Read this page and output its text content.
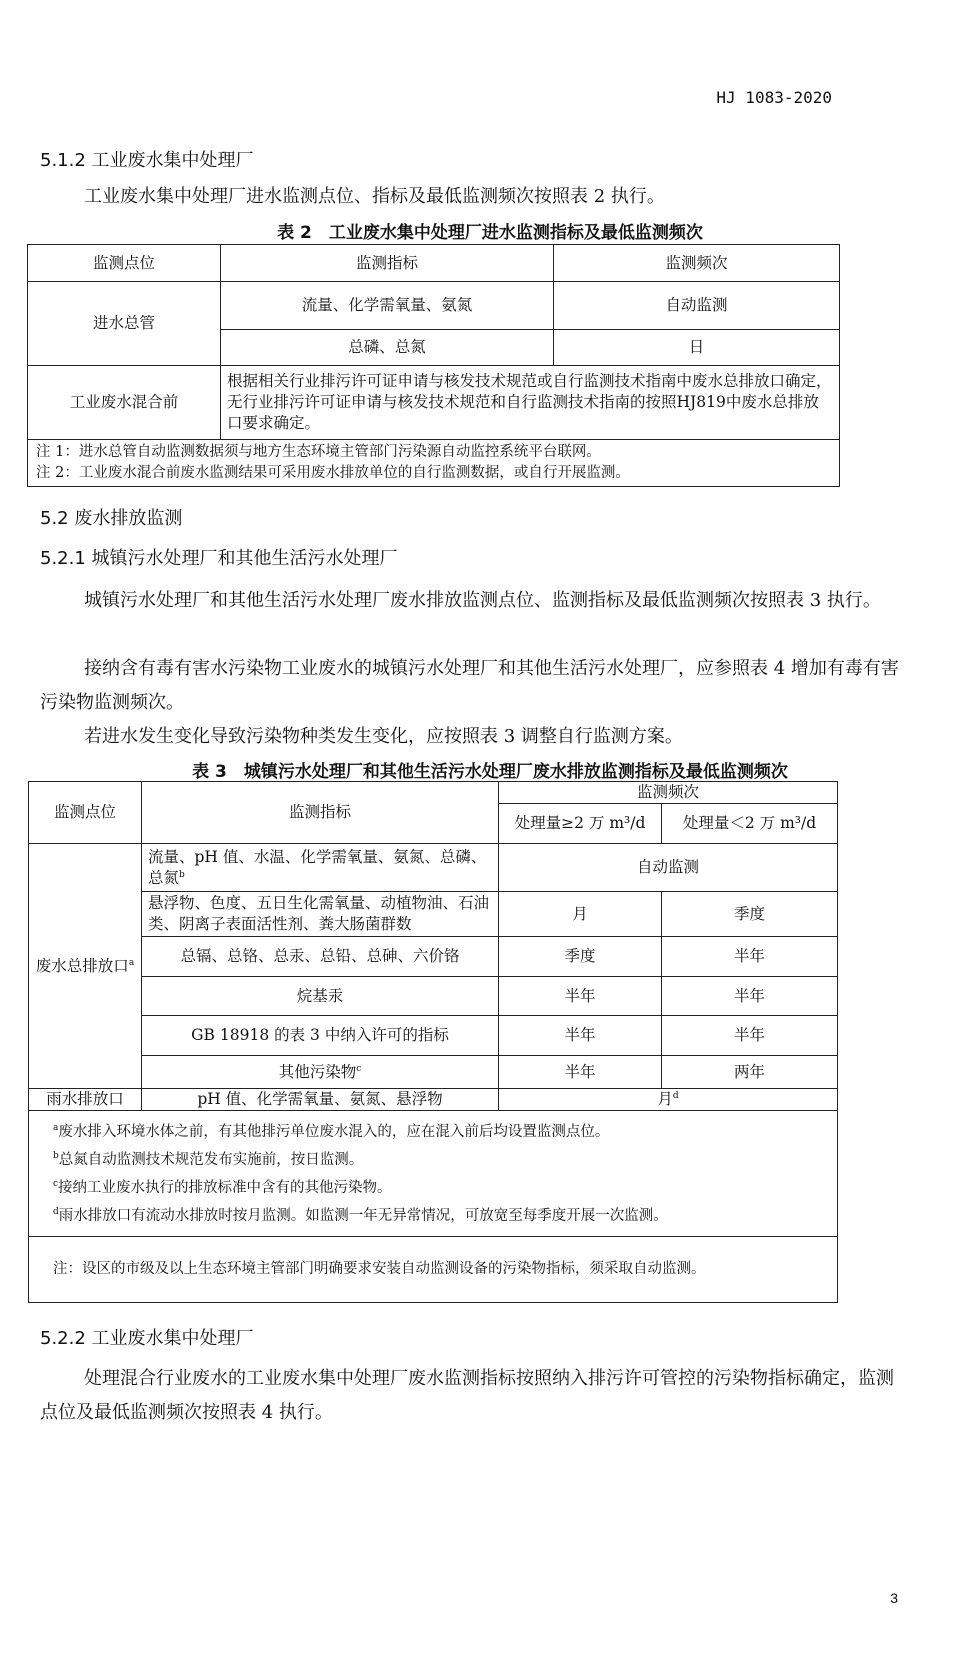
HJ 1083-2020
5.1.2 工业废水集中处理厂
工业废水集中处理厂进水监测点位、指标及最低监测频次按照表 2 执行。
表 2　工业废水集中处理厂进水监测指标及最低监测频次
监测点位	监测指标	监测频次
进水总管	流量、化学需氧量、氨氮	自动监测
	总磷、总氮	日
工业废水混合前	根据相关行业排污许可证申请与核发技术规范或自行监测技术指南中废水总排放口确定，无行业排污许可证申请与核发技术规范和自行监测技术指南的按照HJ819中废水总排放口要求确定。	

注 1：进水总管自动监测数据须与地方生态环境主管部门污染源自动监控系统平台联网。
注 2：工业废水混合前废水监测结果可采用废水排放单位的自行监测数据，或自行开展监测。		
5.2 废水排放监测
5.2.1 城镇污水处理厂和其他生活污水处理厂
城镇污水处理厂和其他生活污水处理厂废水排放监测点位、监测指标及最低监测频次按照表 3 执行。
接纳含有毒有害水污染物工业废水的城镇污水处理厂和其他生活污水处理厂，应参照表 4 增加有毒有害污染物监测频次。
若进水发生变化导致污染物种类发生变化，应按照表 3 调整自行监测方案。
表 3　城镇污水处理厂和其他生活污水处理厂废水排放监测指标及最低监测频次
监测点位	监测指标	监测频次	
		处理量≥2 万 m³/d	处理量＜2 万 m³/d
废水总排放口$^a$	流量、pH 值、水温、化学需氧量、氨氮、总磷、总氮$^b$	自动监测	
	悬浮物、色度、五日生化需氧量、动植物油、石油类、阴离子表面活性剂、粪大肠菌群数	月	季度
	总镉、总铬、总汞、总铅、总砷、六价铬	季度	半年
	烷基汞	半年	半年
	GB 18918 的表 3 中纳入许可的指标	半年	半年
	其他污染物$^c$	半年	两年
雨水排放口	pH 值、化学需氧量、氨氮、悬浮物	月$^d$

$^a$废水排入环境水体之前，有其他排污单位废水混入的，应在混入前后均设置监测点位。
$^b$总氮自动监测技术规范发布实施前，按日监测。
$^c$接纳工业废水执行的排放标准中含有的其他污染物。
$^d$雨水排放口有流动水排放时按月监测。如监测一年无异常情况，可放宽至每季度开展一次监测。			

注：设区的市级及以上生态环境主管部门明确要求安装自动监测设备的污染物指标，须采取自动监测。			
5.2.2 工业废水集中处理厂
处理混合行业废水的工业废水集中处理厂废水监测指标按照纳入排污许可管控的污染物指标确定，监测点位及最低监测频次按照表 4 执行。
3
